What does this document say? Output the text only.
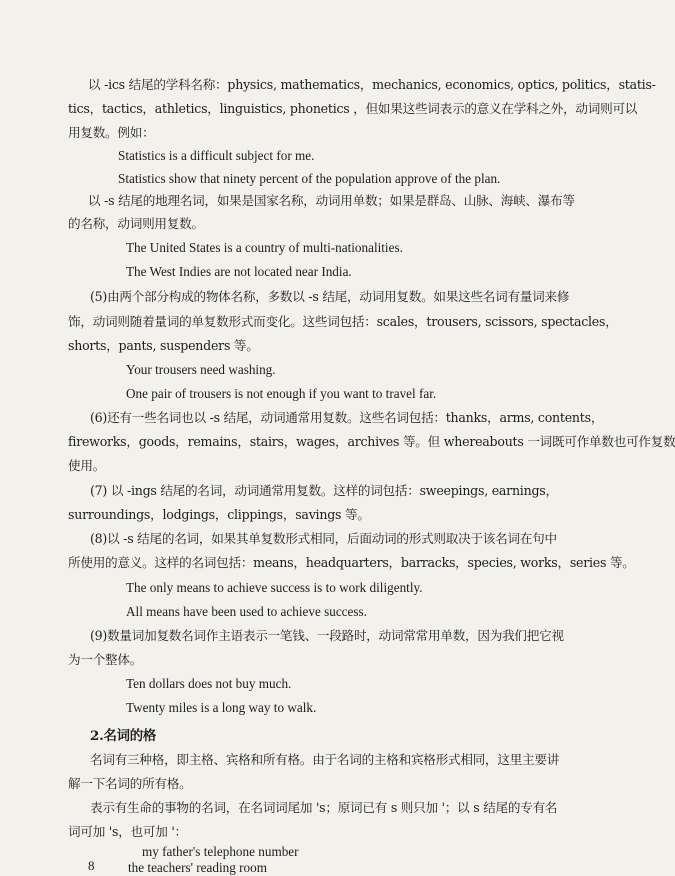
以 -ics 结尾的学科名称：physics, mathematics，mechanics, economics, optics, politics，statis-
tics，tactics，athletics，linguistics, phonetics ，但如果这些词表示的意义在学科之外，动词则可以
用复数。例如：
Statistics is a difficult subject for me.
Statistics show that ninety percent of the population approve of the plan.
以 -s 结尾的地理名词，如果是国家名称，动词用单数；如果是群岛、山脉、海峡、瀑布等
的名称，动词则用复数。
The United States is a country of multi-nationalities.
The West Indies are not located near India.
(5)由两个部分构成的物体名称，多数以 -s 结尾，动词用复数。如果这些名词有量词来修
饰，动词则随着量词的单复数形式而变化。这些词包括：scales，trousers, scissors, spectacles，
shorts，pants, suspenders 等。
Your trousers need washing.
One pair of trousers is not enough if you want to travel far.
(6)还有一些名词也以 -s 结尾，动词通常用复数。这些名词包括：thanks，arms, contents，
fireworks，goods，remains，stairs，wages，archives 等。但 whereabouts 一词既可作单数也可作复数
使用。
(7) 以 -ings 结尾的名词，动词通常用复数。这样的词包括：sweepings, earnings，
surroundings，lodgings，clippings，savings 等。
(8)以 -s 结尾的名词，如果其单复数形式相同，后面动词的形式则取决于该名词在句中
所使用的意义。这样的名词包括：means，headquarters，barracks，species, works，series 等。
The only means to achieve success is to work diligently.
All means have been used to achieve success.
(9)数量词加复数名词作主语表示一笔钱、一段路时，动词常常用单数，因为我们把它视
为一个整体。
Ten dollars does not buy much.
Twenty miles is a long way to walk.
2.名词的格
名词有三种格，即主格、宾格和所有格。由于名词的主格和宾格形式相同，这里主要讲
解一下名词的所有格。
表示有生命的事物的名词，在名词词尾加 's；原词已有 s 则只加 '；以 s 结尾的专有名
词可加 's，也可加 '：
my father's telephone number
the teachers' reading room
8
